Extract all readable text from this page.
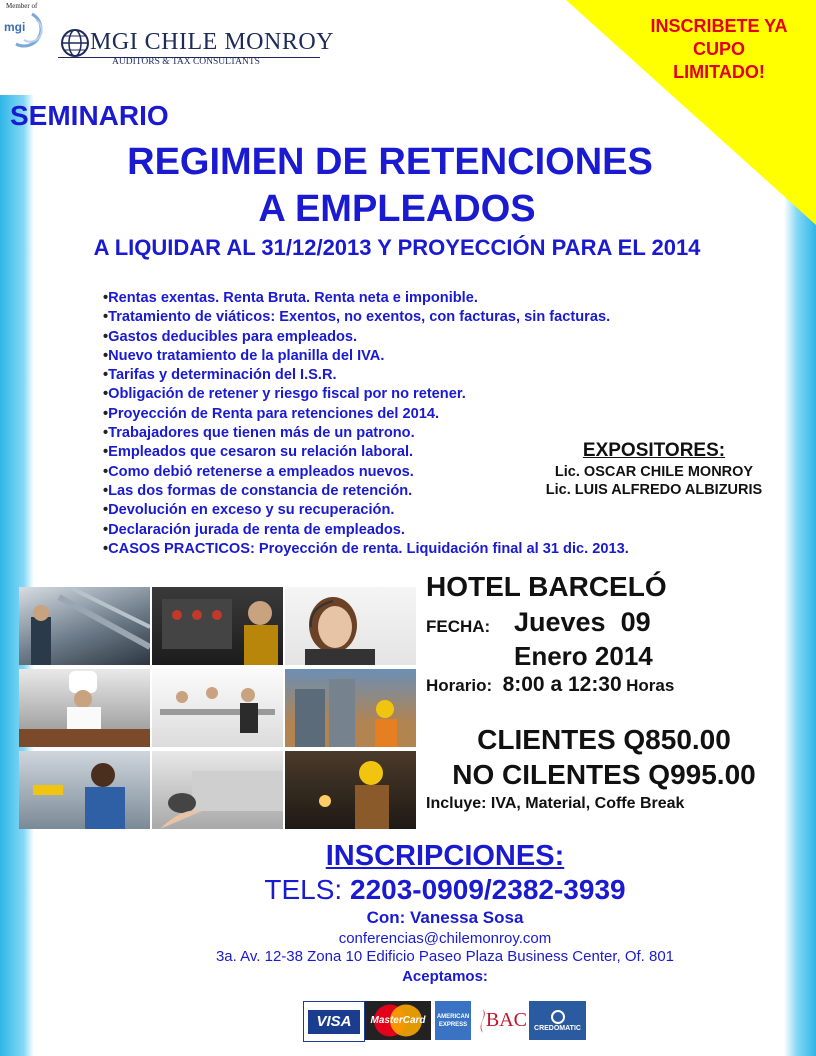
Member of
mgi
MGI CHILE MONROY
AUDITORS & TAX CONSULTANTS
INSCRIBETE YA
CUPO
LIMITADO!
SEMINARIO
REGIMEN DE RETENCIONES
A EMPLEADOS
A LIQUIDAR AL 31/12/2013 Y PROYECCIÓN PARA EL 2014
• Rentas exentas. Renta Bruta. Renta neta e imponible.
• Tratamiento de viáticos: Exentos, no exentos, con facturas, sin facturas.
• Gastos deducibles para empleados.
• Nuevo tratamiento de la planilla del IVA.
• Tarifas y determinación del I.S.R.
• Obligación de retener y riesgo fiscal por no retener.
• Proyección de Renta para retenciones del 2014.
• Trabajadores que tienen más de un patrono.
• Empleados que cesaron su relación laboral.
• Como debió retenerse a empleados nuevos.
• Las dos formas de constancia de retención.
• Devolución en exceso y su recuperación.
• Declaración jurada de renta de empleados.
• CASOS PRACTICOS: Proyección de renta. Liquidación final al 31 dic. 2013.
EXPOSITORES:
Lic. OSCAR CHILE MONROY
Lic. LUIS ALFREDO ALBIZURIS
HOTEL BARCELÓ
FECHA: Jueves  09
Enero 2014
Horario: 8:00 a 12:30 Horas
CLIENTES Q850.00
NO CILENTES Q995.00
Incluye: IVA, Material, Coffe Break
INSCRIPCIONES:
TELS: 2203-0909/2382-3939
Con: Vanessa Sosa
conferencias@chilemonroy.com
3a. Av. 12-38 Zona 10 Edificio Paseo Plaza Business Center, Of. 801
Aceptamos:
VISA MasterCard	AMERICAN EXPRESS BAC CREDOMATIC
